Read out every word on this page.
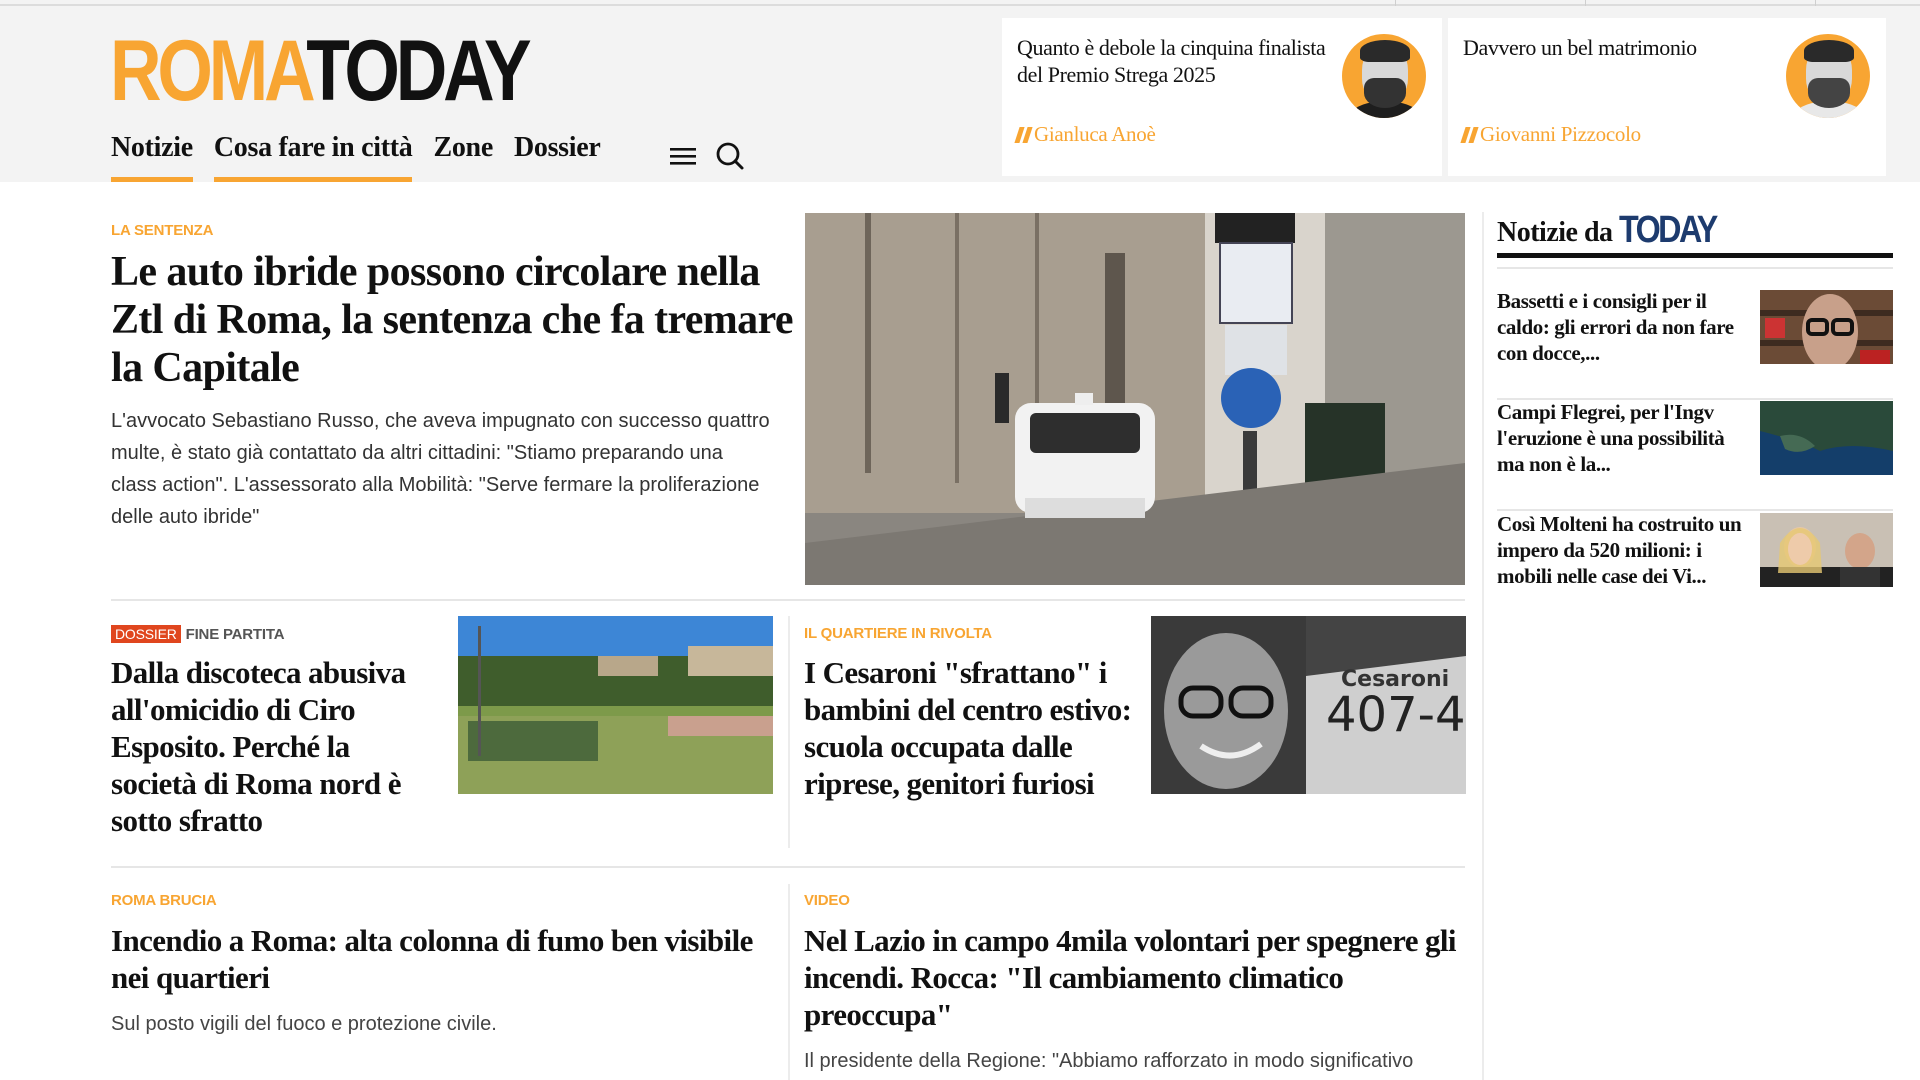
ROMATODAY
Notizie Cosa fare in città Zone Dossier
Quanto è debole la cinquina finalista del Premio Strega 2025
Gianluca Anoè
Davvero un bel matrimonio
Giovanni Pizzocolo
LA SENTENZA
Le auto ibride possono circolare nella Ztl di Roma, la sentenza che fa tremare la Capitale

L'avvocato Sebastiano Russo, che aveva impugnato con successo quattro multe, è stato già contattato da altri cittadini: "Stiamo preparando una class action". L'assessorato alla Mobilità: "Serve fermare la proliferazione delle auto ibride"

DOSSIER FINE PARTITA
Dalla discoteca abusiva all'omicidio di Ciro Esposito. Perché la società di Roma nord è sotto sfratto
IL QUARTIERE IN RIVOLTA
I Cesaroni "sfrattano" i bambini del centro estivo: scuola occupata dalle riprese, genitori furiosi
407-4
Cesaroni
ROMA BRUCIA
Incendio a Roma: alta colonna di fumo ben visibile nei quartieri

Sul posto vigili del fuoco e protezione civile.

VIDEO
Nel Lazio in campo 4mila volontari per spegnere gli incendi. Rocca: "Il cambiamento climatico preoccupa"

Il presidente della Regione: "Abbiamo rafforzato in modo significativo

Notizie da TODAY
Bassetti e i consigli per il caldo: gli errori da non fare con docce,...
Campi Flegrei, per l'Ingv l'eruzione è una possibilità ma non è la...
Così Molteni ha costruito un impero da 520 milioni: i mobili nelle case dei Vi...
